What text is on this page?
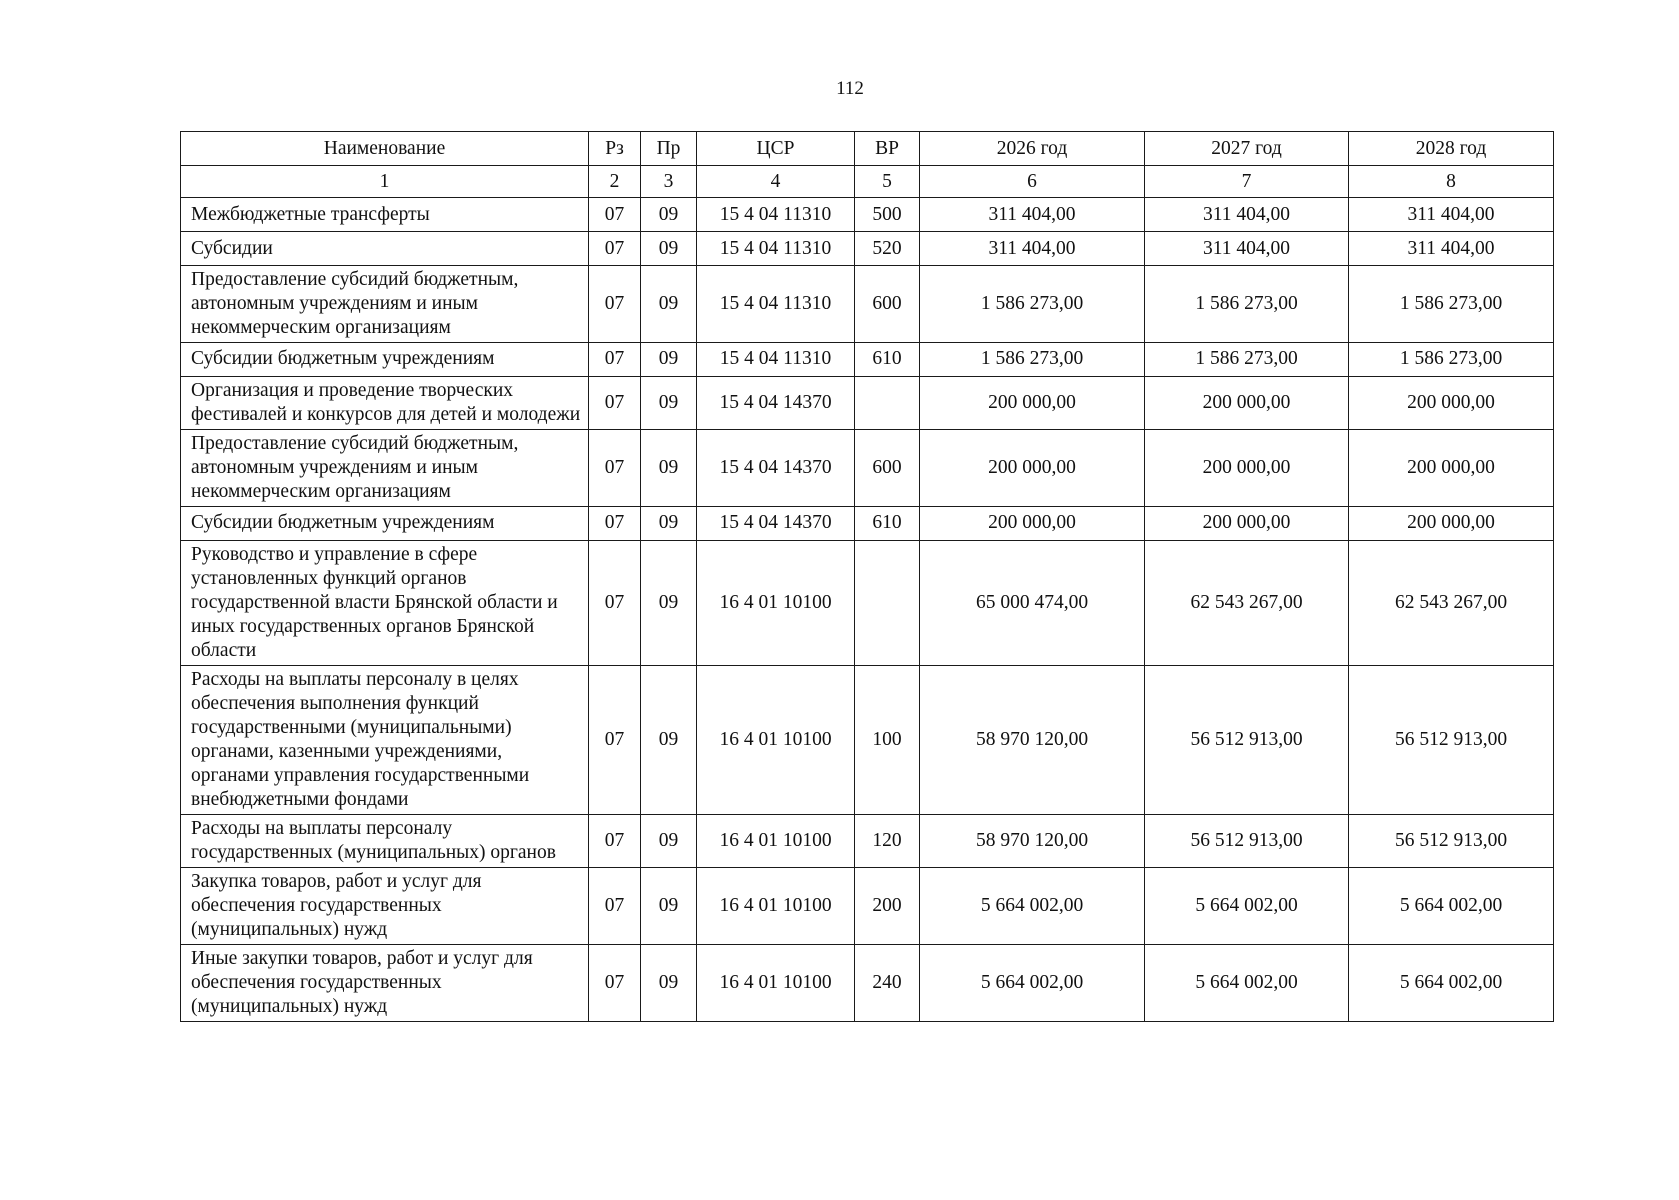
112
Наименование	Рз	Пр	ЦСР	ВР	2026 год	2027 год	2028 год
1	2	3	4	5	6	7	8
Межбюджетные трансферты	07	09	15 4 04 11310	500	311 404,00	311 404,00	311 404,00
Субсидии	07	09	15 4 04 11310	520	311 404,00	311 404,00	311 404,00
Предоставление субсидий бюджетным, автономным учреждениям и иным некоммерческим организациям	07	09	15 4 04 11310	600	1 586 273,00	1 586 273,00	1 586 273,00
Субсидии бюджетным учреждениям	07	09	15 4 04 11310	610	1 586 273,00	1 586 273,00	1 586 273,00
Организация и проведение творческих фестивалей и конкурсов для детей и молодежи	07	09	15 4 04 14370		200 000,00	200 000,00	200 000,00
Предоставление субсидий бюджетным, автономным учреждениям и иным некоммерческим организациям	07	09	15 4 04 14370	600	200 000,00	200 000,00	200 000,00
Субсидии бюджетным учреждениям	07	09	15 4 04 14370	610	200 000,00	200 000,00	200 000,00
Руководство и управление в сфере установленных функций органов государственной власти Брянской области и иных государственных органов Брянской области	07	09	16 4 01 10100		65 000 474,00	62 543 267,00	62 543 267,00
Расходы на выплаты персоналу в целях обеспечения выполнения функций государственными (муниципальными) органами, казенными учреждениями, органами управления государственными внебюджетными фондами	07	09	16 4 01 10100	100	58 970 120,00	56 512 913,00	56 512 913,00
Расходы на выплаты персоналу государственных (муниципальных) органов	07	09	16 4 01 10100	120	58 970 120,00	56 512 913,00	56 512 913,00
Закупка товаров, работ и услуг для обеспечения государственных (муниципальных) нужд	07	09	16 4 01 10100	200	5 664 002,00	5 664 002,00	5 664 002,00
Иные закупки товаров, работ и услуг для обеспечения государственных (муниципальных) нужд	07	09	16 4 01 10100	240	5 664 002,00	5 664 002,00	5 664 002,00
